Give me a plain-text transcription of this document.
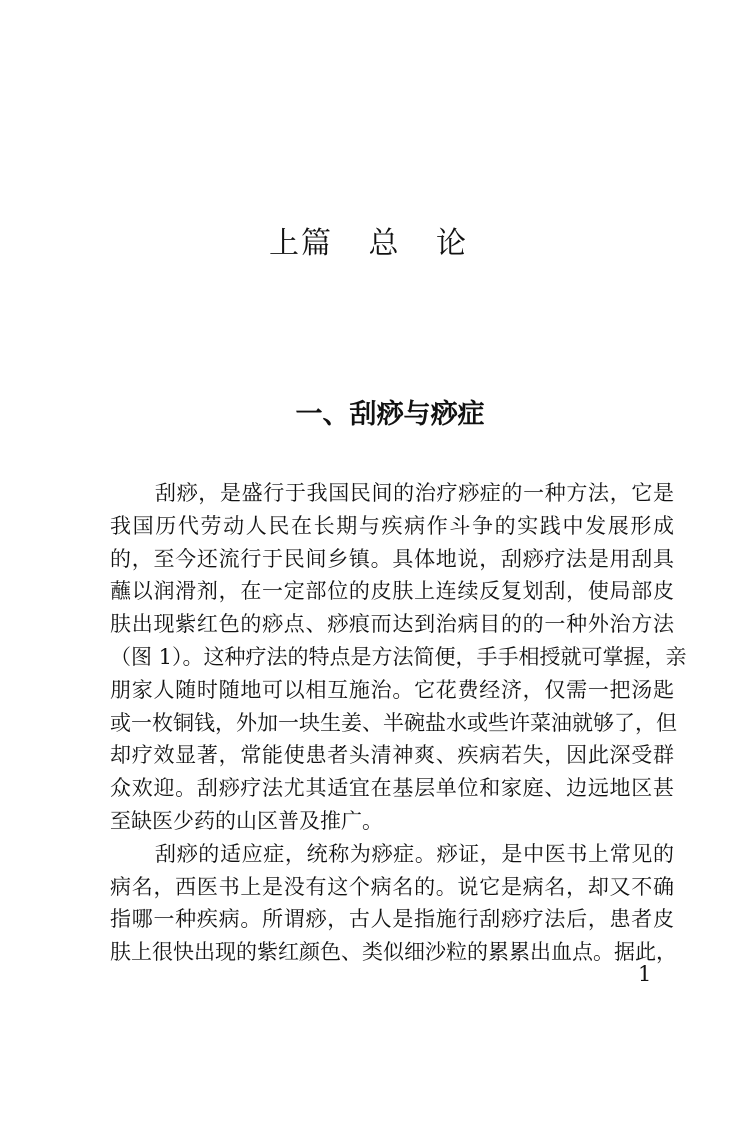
上篇 总 论
一、刮痧与痧症
刮痧，是盛行于我国民间的治疗痧症的一种方法，它是
我国历代劳动人民在长期与疾病作斗争的实践中发展形成
的，至今还流行于民间乡镇。具体地说，刮痧疗法是用刮具
蘸以润滑剂，在一定部位的皮肤上连续反复划刮，使局部皮
肤出现紫红色的痧点、痧痕而达到治病目的的一种外治方法
（图 1）。这种疗法的特点是方法简便，手手相授就可掌握，亲
朋家人随时随地可以相互施治。它花费经济，仅需一把汤匙
或一枚铜钱，外加一块生姜、半碗盐水或些许菜油就够了，但
却疗效显著，常能使患者头清神爽、疾病若失，因此深受群
众欢迎。刮痧疗法尤其适宜在基层单位和家庭、边远地区甚
至缺医少药的山区普及推广。
刮痧的适应症，统称为痧症。痧证，是中医书上常见的
病名，西医书上是没有这个病名的。说它是病名，却又不确
指哪一种疾病。所谓痧，古人是指施行刮痧疗法后，患者皮
肤上很快出现的紫红颜色、类似细沙粒的累累出血点。据此，
1
